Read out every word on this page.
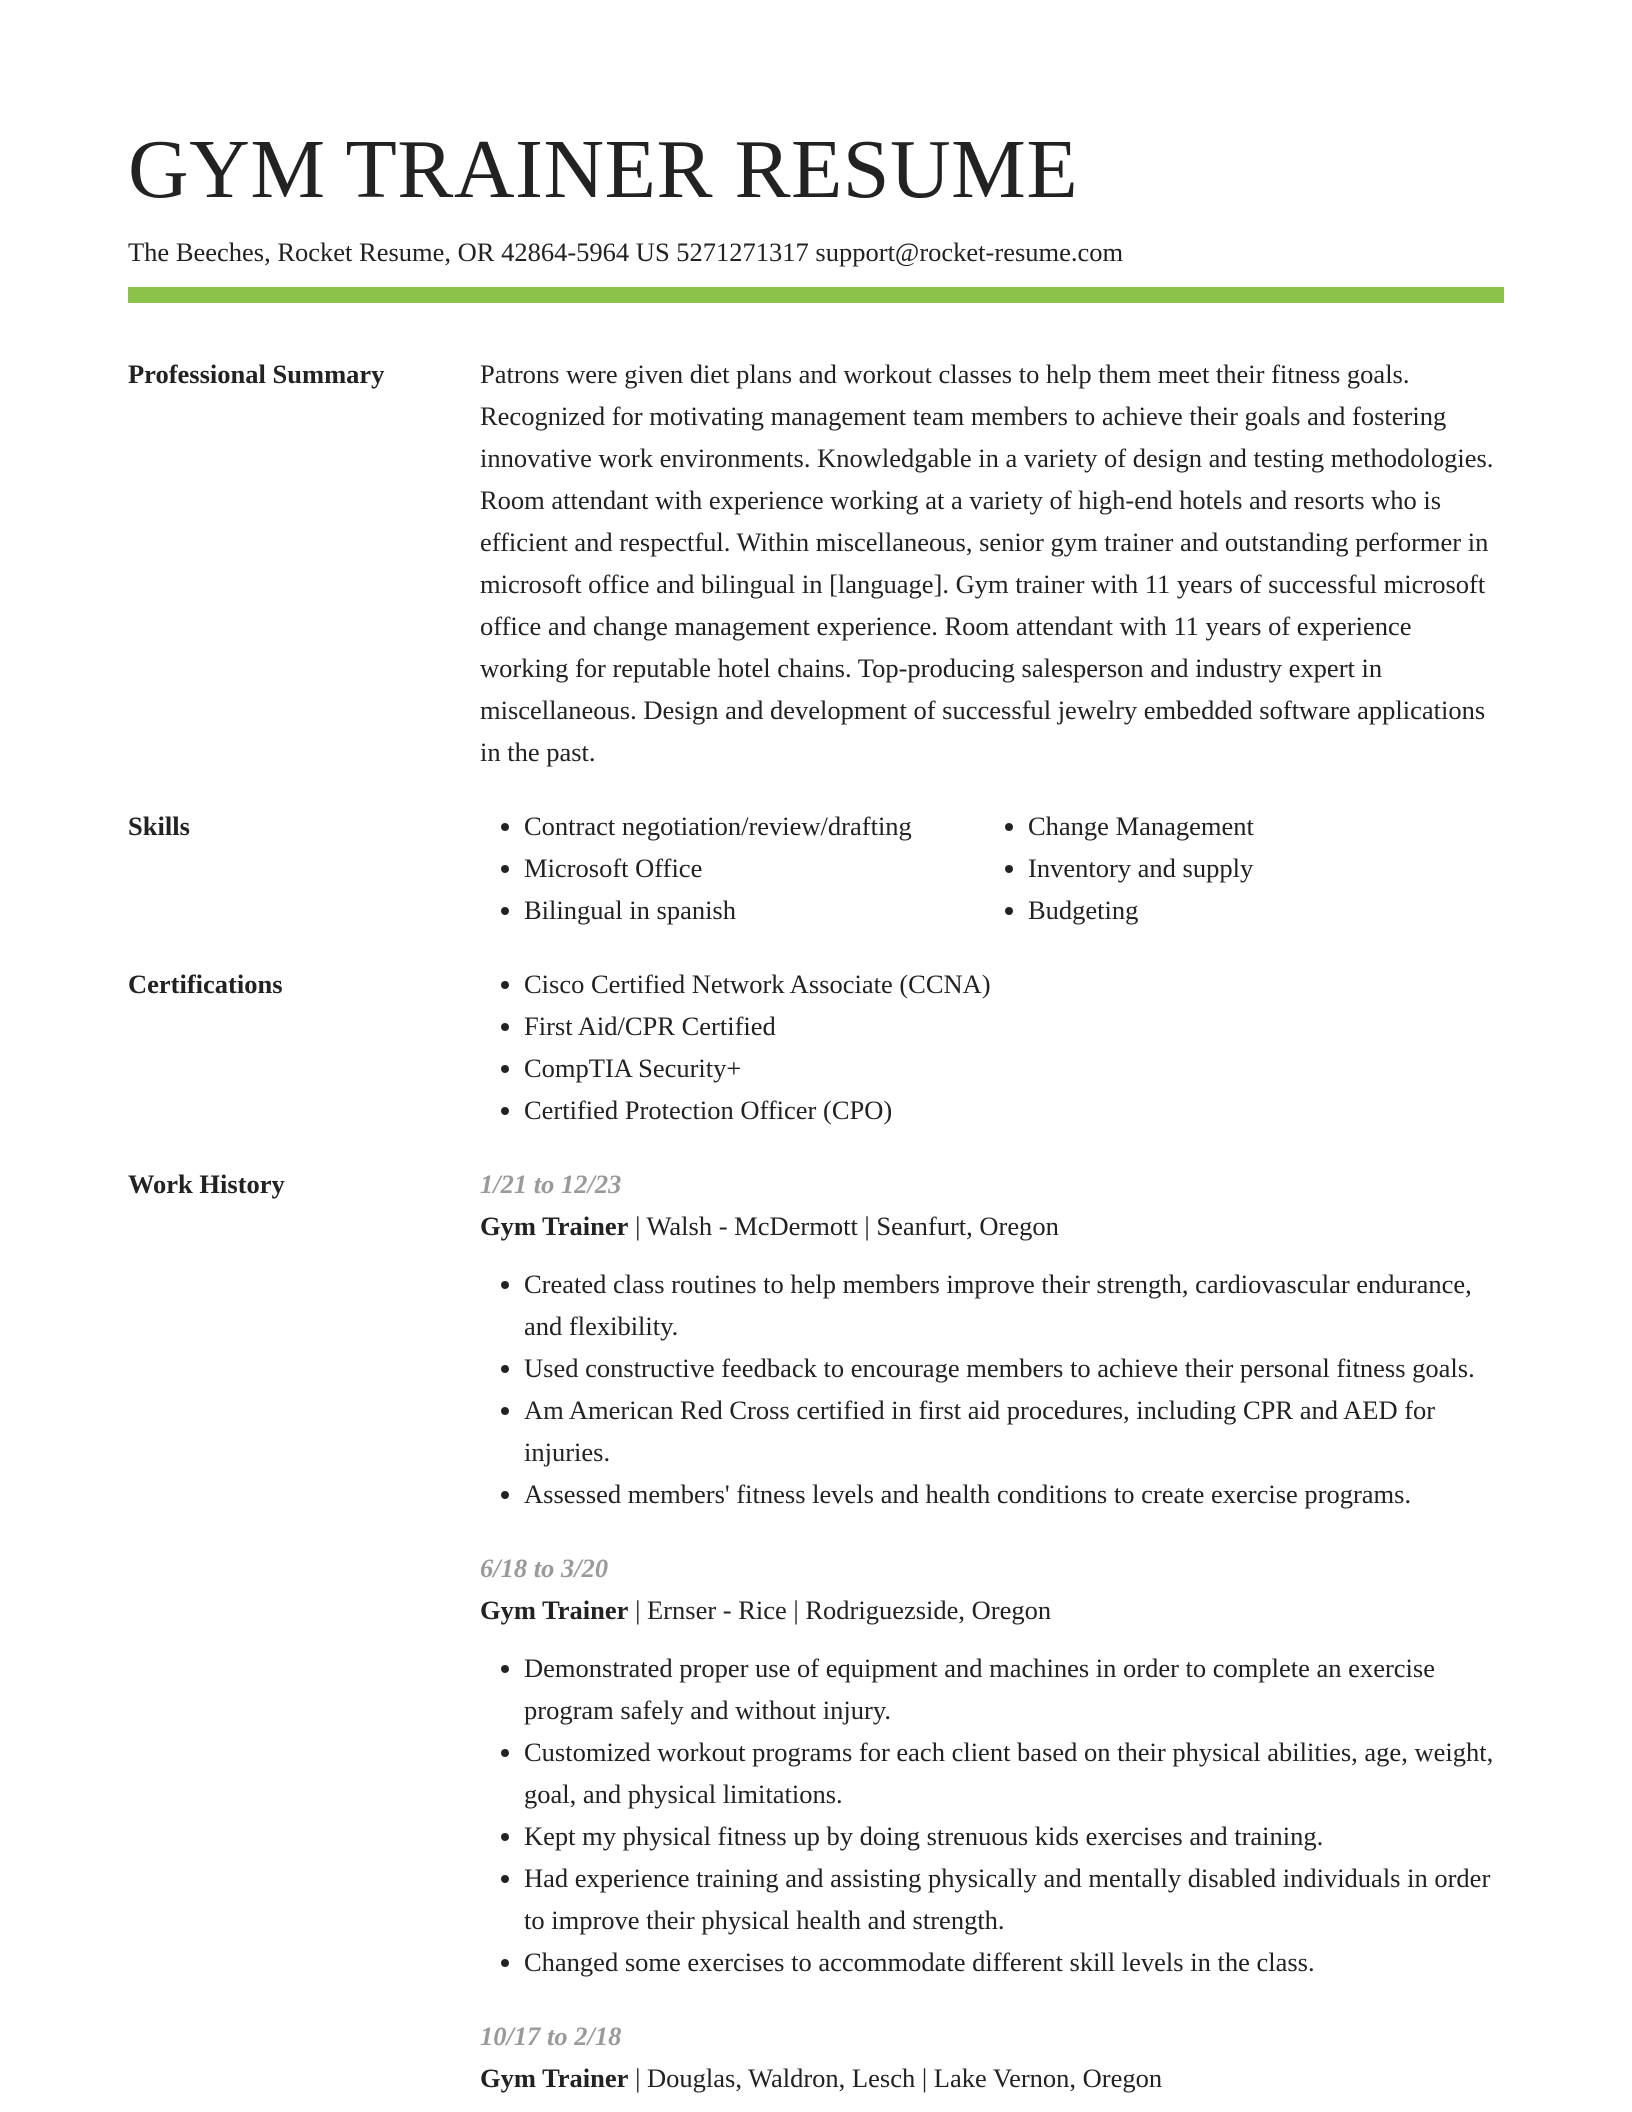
GYM TRAINER RESUME
The Beeches, Rocket Resume, OR 42864-5964 US 5271271317 support@rocket-resume.com
Professional Summary	Patrons were given diet plans and workout classes to help them meet their fitness goals. Recognized for motivating management team members to achieve their goals and fostering innovative work environments. Knowledgable in a variety of design and testing methodologies. Room attendant with experience working at a variety of high-end hotels and resorts who is efficient and respectful. Within miscellaneous, senior gym trainer and outstanding performer in microsoft office and bilingual in [language]. Gym trainer with 11 years of successful microsoft office and change management experience. Room attendant with 11 years of experience working for reputable hotel chains. Top-producing salesperson and industry expert in miscellaneous. Design and development of successful jewelry embedded software applications in the past.

Skills	• Contract negotiation/review/drafting
• Microsoft Office
• Bilingual in spanish
• Change Management
• Inventory and supply
• Budgeting
Certifications	• Cisco Certified Network Associate (CCNA)
• First Aid/CPR Certified
• CompTIA Security+
• Certified Protection Officer (CPO)
Work History	1/21 to 12/23
Gym Trainer | Walsh - McDermott | Seanfurt, Oregon
• Created class routines to help members improve their strength, cardiovascular endurance, and flexibility.
• Used constructive feedback to encourage members to achieve their personal fitness goals.
• Am American Red Cross certified in first aid procedures, including CPR and AED for injuries.
• Assessed members' fitness levels and health conditions to create exercise programs.
6/18 to 3/20
Gym Trainer | Ernser - Rice | Rodriguezside, Oregon
• Demonstrated proper use of equipment and machines in order to complete an exercise program safely and without injury.
• Customized workout programs for each client based on their physical abilities, age, weight, goal, and physical limitations.
• Kept my physical fitness up by doing strenuous kids exercises and training.
• Had experience training and assisting physically and mentally disabled individuals in order to improve their physical health and strength.
• Changed some exercises to accommodate different skill levels in the class.
10/17 to 2/18
Gym Trainer | Douglas, Waldron, Lesch | Lake Vernon, Oregon
